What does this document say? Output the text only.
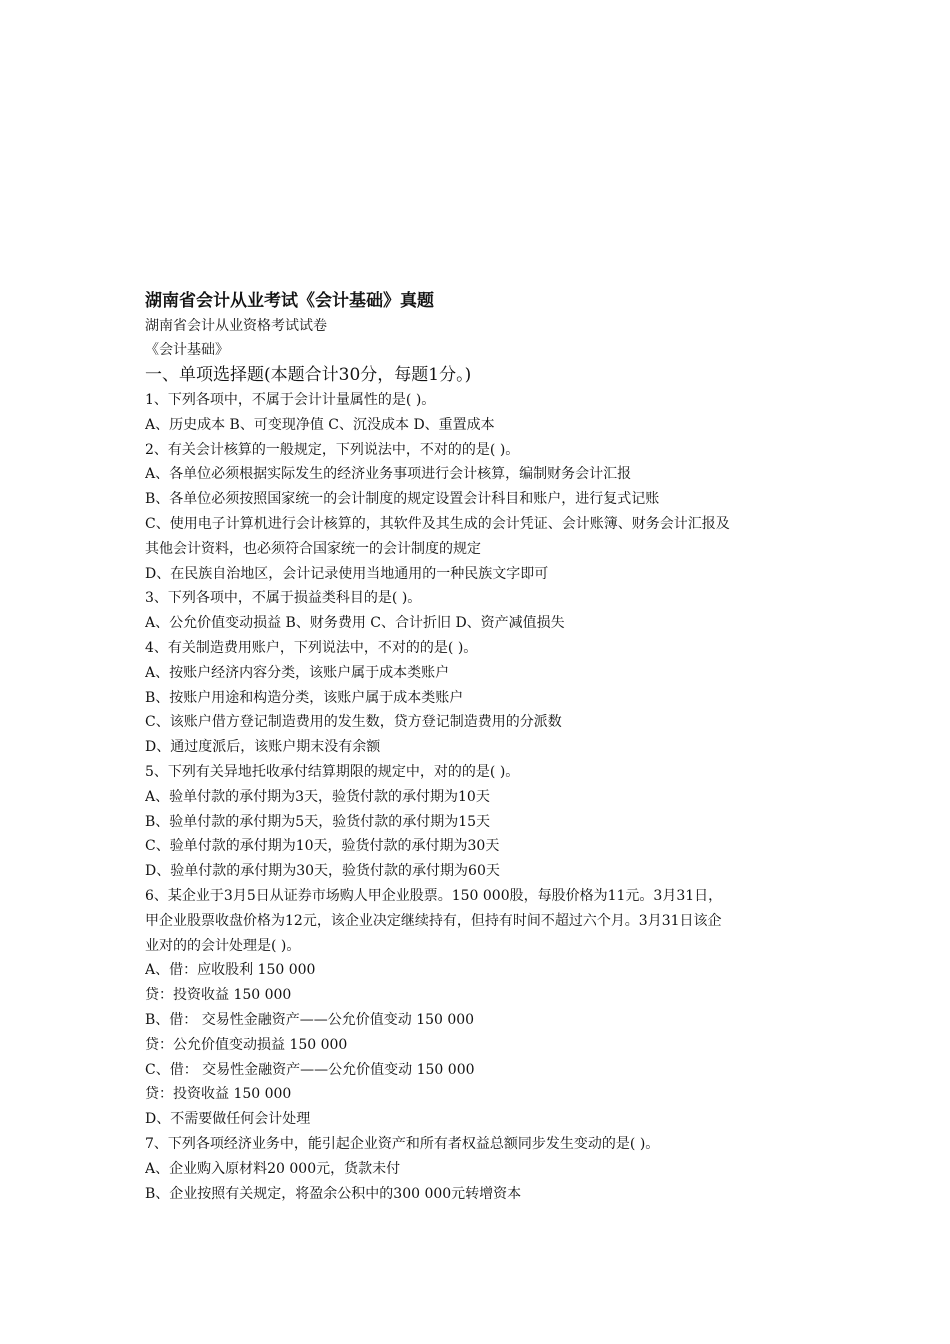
湖南省会计从业考试《会计基础》真题
湖南省会计从业资格考试试卷
《会计基础》
一、单项选择题(本题合计30分，每题1分。)
1、下列各项中，不属于会计计量属性的是( )。
A、历史成本 B、可变现净值 C、沉没成本 D、重置成本
2、有关会计核算的一般规定，下列说法中，不对的的是( )。
A、各单位必须根据实际发生的经济业务事项进行会计核算，编制财务会计汇报
B、各单位必须按照国家统一的会计制度的规定设置会计科目和账户，进行复式记账
C、使用电子计算机进行会计核算的，其软件及其生成的会计凭证、会计账簿、财务会计汇报及
其他会计资料，也必须符合国家统一的会计制度的规定
D、在民族自治地区，会计记录使用当地通用的一种民族文字即可
3、下列各项中，不属于损益类科目的是( )。
A、公允价值变动损益 B、财务费用 C、合计折旧 D、资产减值损失
4、有关制造费用账户，下列说法中，不对的的是( )。
A、按账户经济内容分类，该账户属于成本类账户
B、按账户用途和构造分类，该账户属于成本类账户
C、该账户借方登记制造费用的发生数，贷方登记制造费用的分派数
D、通过度派后，该账户期末没有余额
5、下列有关异地托收承付结算期限的规定中，对的的是( )。
A、验单付款的承付期为3天，验货付款的承付期为10天
B、验单付款的承付期为5天，验货付款的承付期为15天
C、验单付款的承付期为10天，验货付款的承付期为30天
D、验单付款的承付期为30天，验货付款的承付期为60天
6、某企业于3月5日从证券市场购人甲企业股票。150 000股，每股价格为11元。3月31日，
甲企业股票收盘价格为12元，该企业决定继续持有，但持有时间不超过六个月。3月31日该企
业对的的会计处理是( )。
A、借：应收股利 150 000
贷：投资收益 150 000
B、借： 交易性金融资产——公允价值变动 150 000
贷：公允价值变动损益 150 000
C、借： 交易性金融资产——公允价值变动 150 000
贷：投资收益 150 000
D、不需要做任何会计处理
7、下列各项经济业务中，能引起企业资产和所有者权益总额同步发生变动的是( )。
A、企业购入原材料20 000元，货款未付
B、企业按照有关规定，将盈余公积中的300 000元转增资本
